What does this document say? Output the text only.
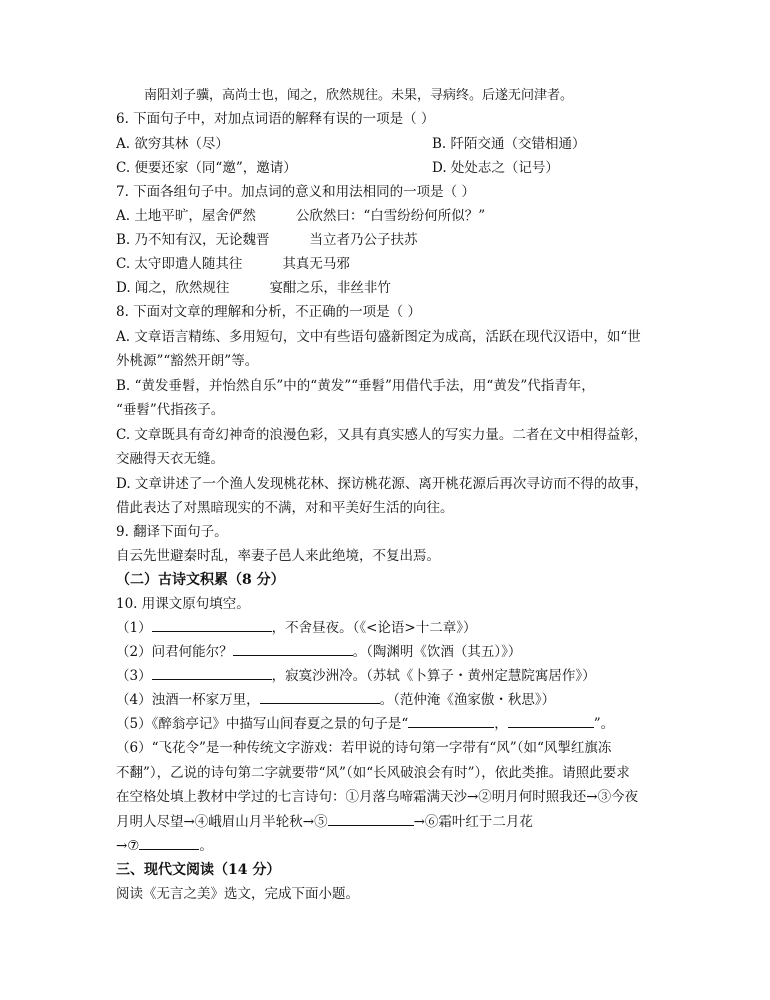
南阳刘子骥，高尚士也，闻之，欣然规往。未果，寻病终。后遂无问津者。
6. 下面句子中，对加点词语的解释有误的一项是（ ）
A. 欲穷其林（尽）	B. 阡陌交通（交错相通）
C. 便要还家（同“邀”，邀请）	D. 处处志之（记号）
7. 下面各组句子中。加点词的意义和用法相同的一项是（ ）
A. 土地平旷，屋舍俨然	公欣然曰：“白雪纷纷何所似？”
B. 乃不知有汉，无论魏晋	当立者乃公子扶苏
C. 太守即遣人随其往	其真无马邪
D. 闻之，欣然规往	宴酣之乐，非丝非竹
8. 下面对文章的理解和分析，不正确的一项是（ ）
A. 文章语言精练、多用短句，文中有些语句盛新图定为成高，活跃在现代汉语中，如“世
外桃源”“豁然开朗”等。
B. “黄发垂髫，并怡然自乐”中的“黄发”“垂髫”用借代手法，用“黄发”代指青年，
“垂髫”代指孩子。
C. 文章既具有奇幻神奇的浪漫色彩，又具有真实感人的写实力量。二者在文中相得益彰，
交融得天衣无缝。
D. 文章讲述了一个渔人发现桃花林、探访桃花源、离开桃花源后再次寻访而不得的故事，
借此表达了对黑暗现实的不满，对和平美好生活的向往。
9. 翻译下面句子。
自云先世避秦时乱，率妻子邑人来此绝境，不复出焉。
（二）古诗文积累（8 分）
10. 用课文原句填空。
（1）	，不舍昼夜。（《<论语>十二章》）
（2）问君何能尔？	。（陶渊明《饮酒（其五）》）
（3）	，寂寞沙洲冷。（苏轼《卜算子・黄州定慧院寓居作》）
（4）浊酒一杯家万里，	。（范仲淹《渔家傲・秋思》）
（5）《醉翁亭记》中描写山间春夏之景的句子是“	，	”。
（6）“飞花令”是一种传统文字游戏：若甲说的诗句第一字带有“风”（如“风掣红旗冻
不翻”），乙说的诗句第二字就要带“风”（如“长风破浪会有时”），依此类推。请照此要求
在空格处填上教材中学过的七言诗句：①月落乌啼霜满天沙→②明月何时照我还→③今夜
月明人尽望→④峨眉山月半轮秋→⑤	→⑥霜叶红于二月花
→⑦	。
三、现代文阅读（14 分）
阅读《无言之美》选文，完成下面小题。
